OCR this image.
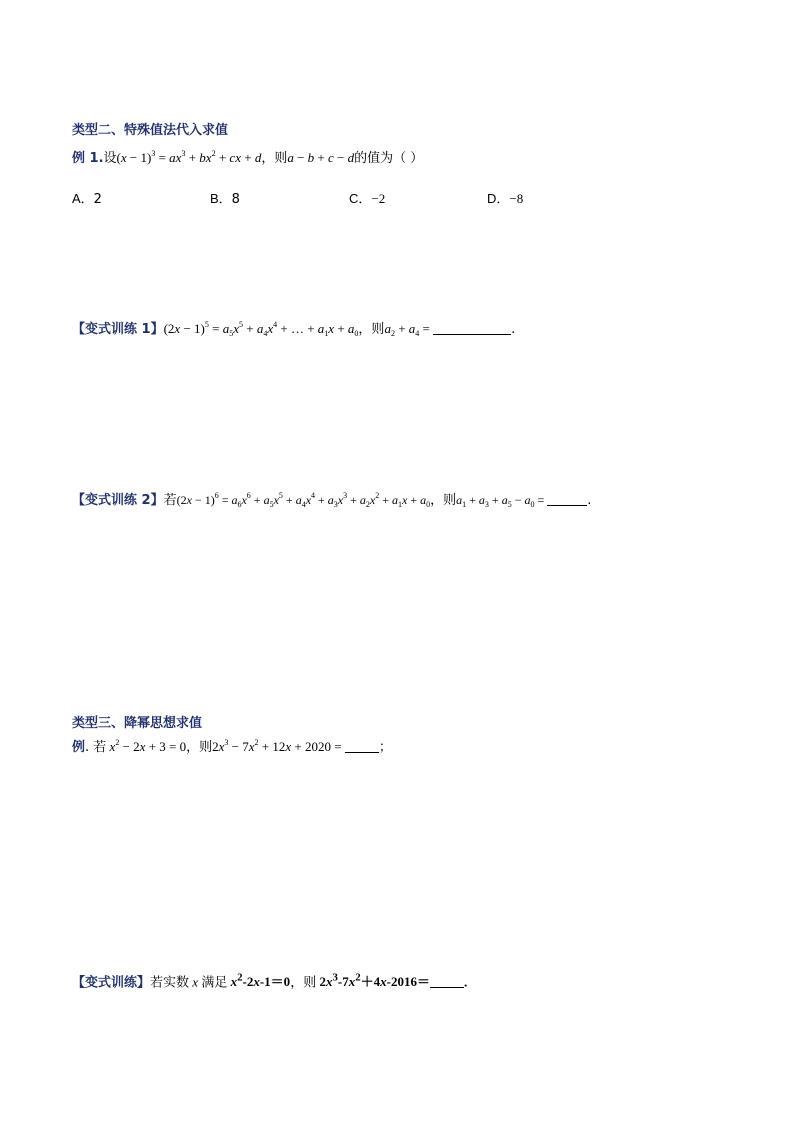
类型二、特殊值法代入求值
例 1.设$(x - 1)^3 = ax^3 + bx^2$ + cx + d，则a − b + c − d的值为（ ）
A．2	B．8	C．−2	D．−8
【变式训练 1】$(2x - 1)^5 = a_5x^5 + a_4x^4$ + … + $a_1x + a_0$，则$a_2 + a_4$ =	.
【变式训练 2】若$(2x - 1)^6 = a_6x^6 + a_5x^5 + a_4x^4 + a_3x^3 + a_2x^2 + a_1x + a_0$，则$a_1 + a_3 + a_5 - a_0$ =	.
类型三、降幂思想求值
例. 若 $x^2 - 2x + 3 = 0$，则$2x^3 - 7x^2 + 12x + 2020$ =	；
【变式训练】若实数 x 满足 $x^2-2x-1=0$，则 $2x^3-7x^2+4x-2016=$	.
